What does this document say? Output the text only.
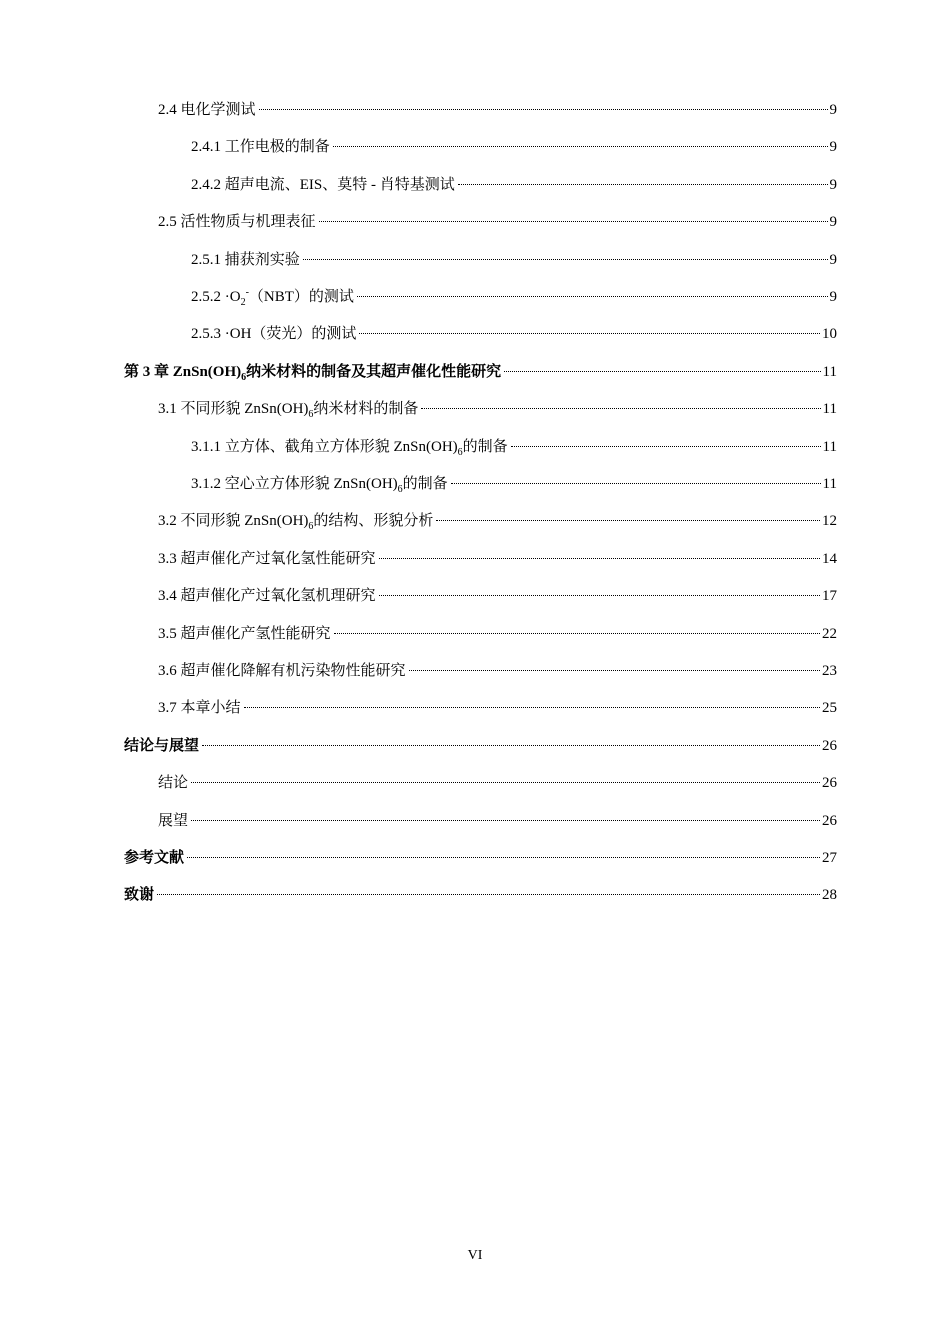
2.4 电化学测试	9
2.4.1 工作电极的制备	9
2.4.2 超声电流、EIS、莫特 - 肖特基测试	9
2.5 活性物质与机理表征	9
2.5.1 捕获剂实验	9
$2.5.2 \cdot O_2^-(NBT)$的测试	9
2.5.3 ·OH（荧光）的测试	10
第 3 章 $ZnSn(OH)_6$纳米材料的制备及其超声催化性能研究	11
3.1 不同形貌 $ZnSn(OH)_6$纳米材料的制备	11
3.1.1 立方体、截角立方体形貌 $ZnSn(OH)_6$的制备	11
3.1.2 空心立方体形貌 $ZnSn(OH)_6$的制备	11
3.2 不同形貌 $ZnSn(OH)_6$的结构、形貌分析	12
3.3 超声催化产过氧化氢性能研究	14
3.4 超声催化产过氧化氢机理研究	17
3.5 超声催化产氢性能研究	22
3.6 超声催化降解有机污染物性能研究	23
3.7 本章小结	25
结论与展望	26
结论	26
展望	26
参考文献	27
致谢	28
VI
